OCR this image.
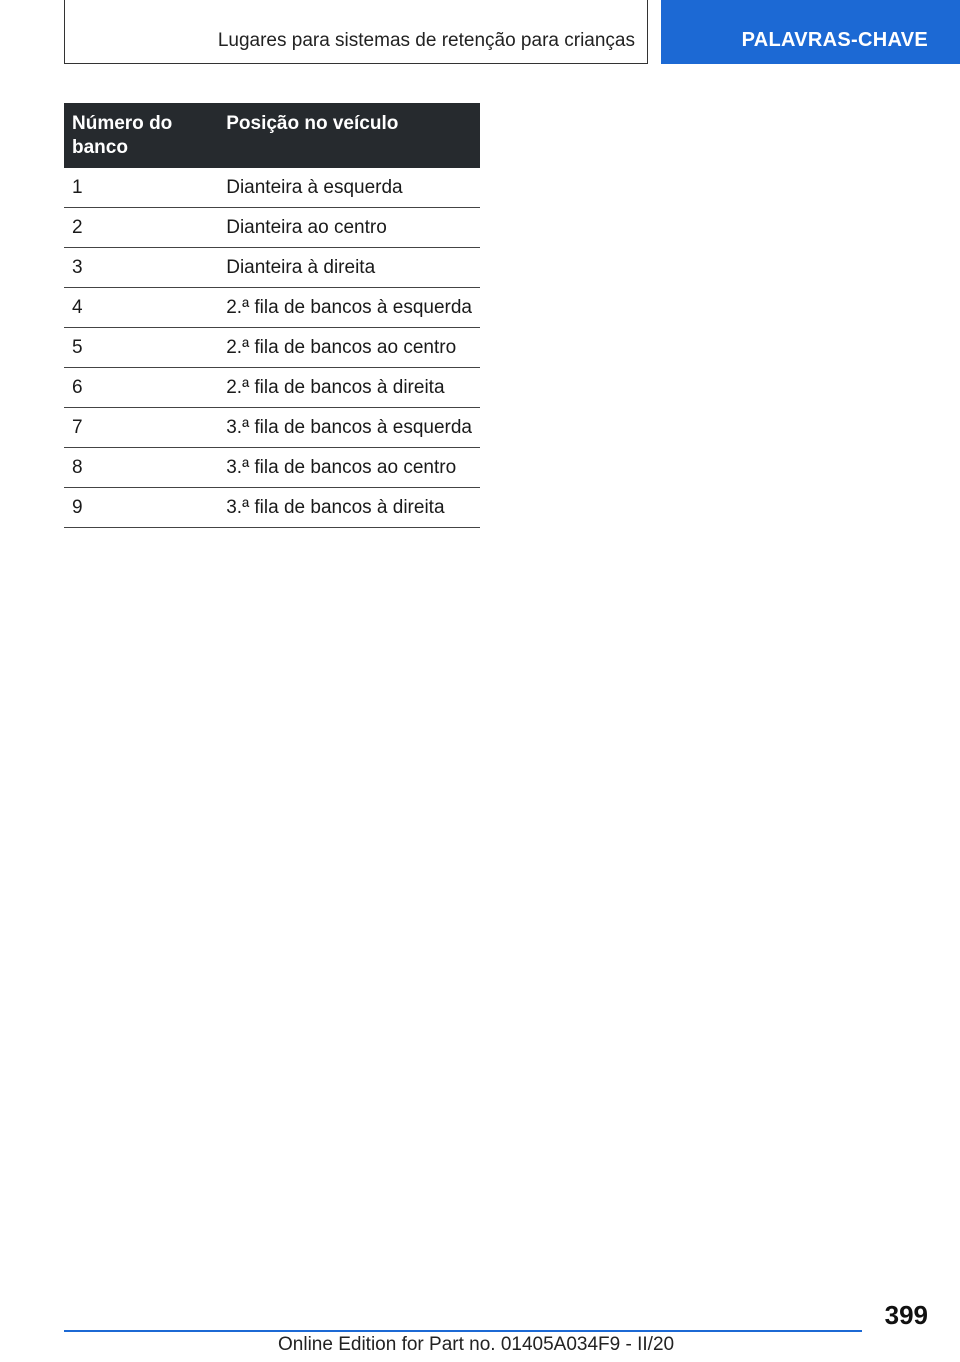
Lugares para sistemas de retenção para crianças	PALAVRAS-CHAVE
Número do banco	Posição no veículo
1	Dianteira à esquerda
2	Dianteira ao centro
3	Dianteira à direita
4	2.ª fila de bancos à esquerda
5	2.ª fila de bancos ao centro
6	2.ª fila de bancos à direita
7	3.ª fila de bancos à esquerda
8	3.ª fila de bancos ao centro
9	3.ª fila de bancos à direita
399
Online Edition for Part no. 01405A034F9 - II/20
